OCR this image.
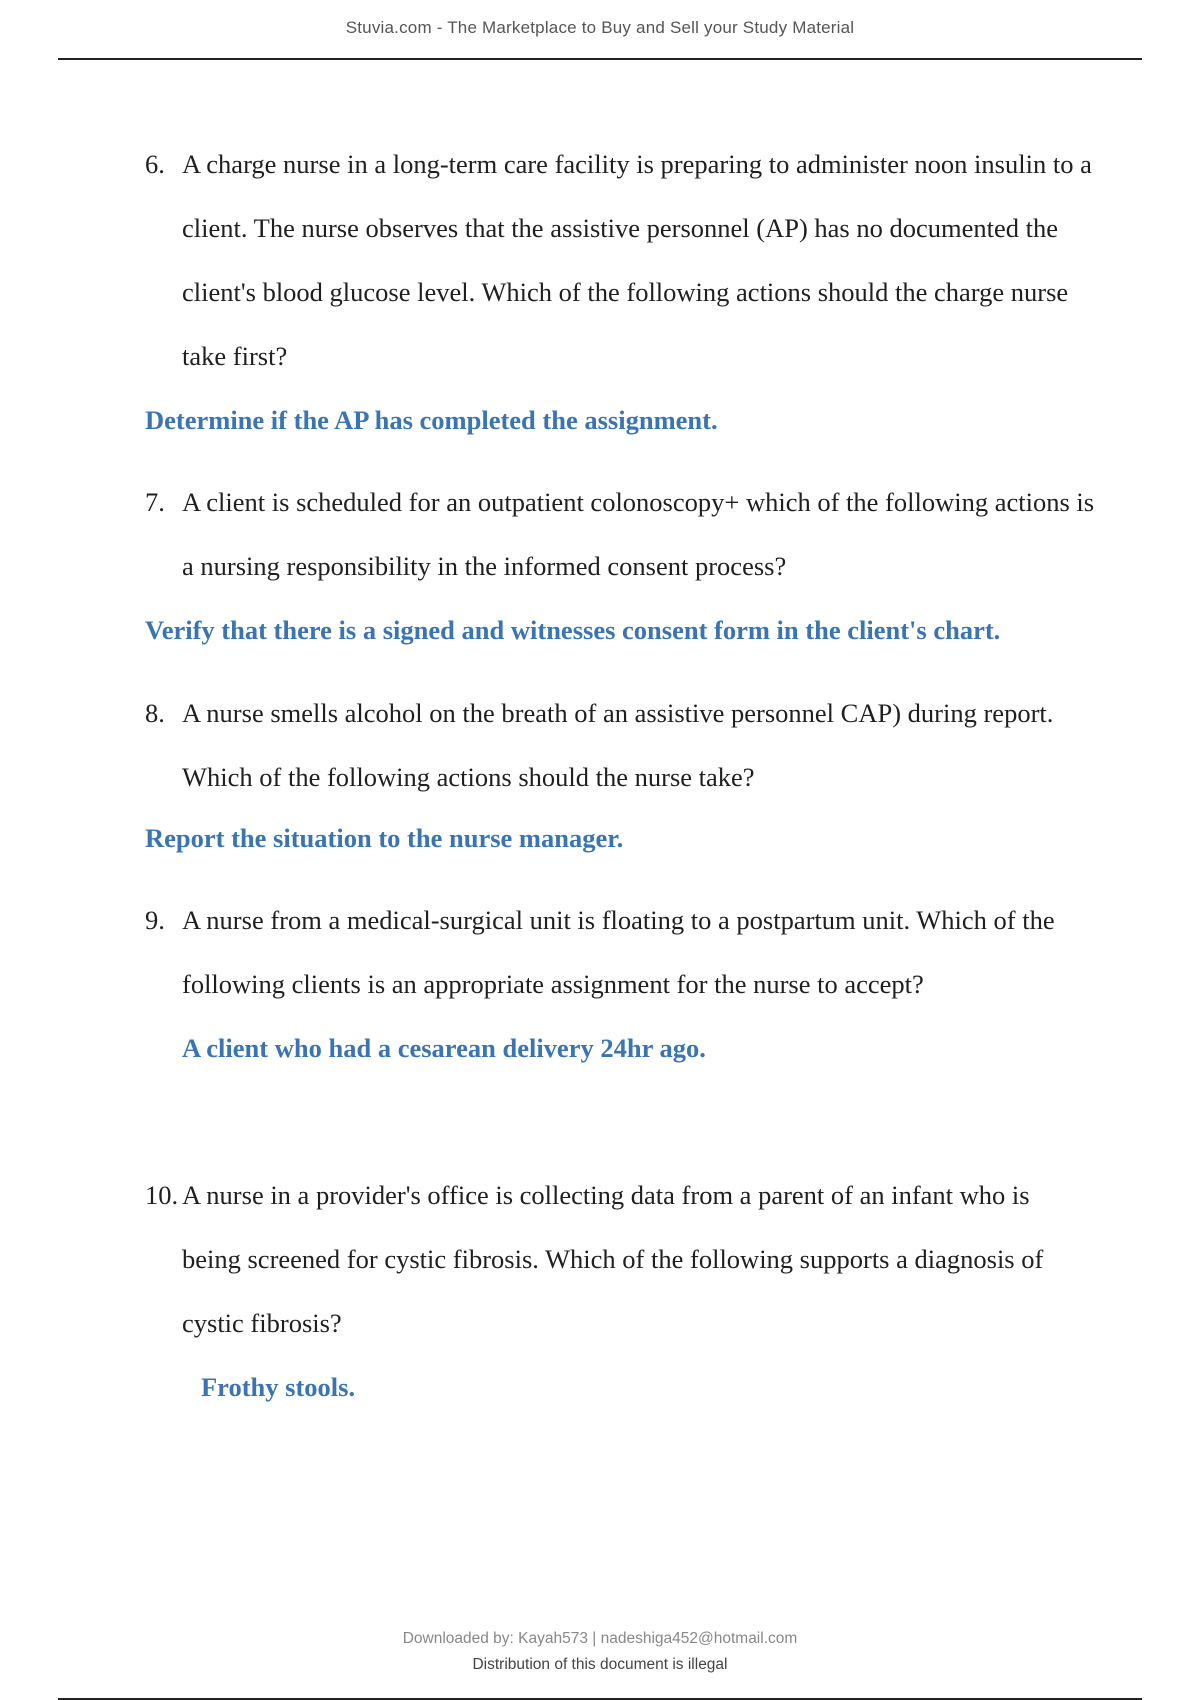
Stuvia.com - The Marketplace to Buy and Sell your Study Material
6. A charge nurse in a long-term care facility is preparing to administer noon insulin to a client. The nurse observes that the assistive personnel (AP) has no documented the client's blood glucose level. Which of the following actions should the charge nurse take first?
Determine if the AP has completed the assignment.
7. A client is scheduled for an outpatient colonoscopy+ which of the following actions is a nursing responsibility in the informed consent process?
Verify that there is a signed and witnesses consent form in the client's chart.
8. A nurse smells alcohol on the breath of an assistive personnel CAP) during report. Which of the following actions should the nurse take?
Report the situation to the nurse manager.
9. A nurse from a medical-surgical unit is floating to a postpartum unit. Which of the following clients is an appropriate assignment for the nurse to accept?
A client who had a cesarean delivery 24hr ago.
10. A nurse in a provider's office is collecting data from a parent of an infant who is being screened for cystic fibrosis. Which of the following supports a diagnosis of cystic fibrosis?
Frothy stools.
Downloaded by: Kayah573 | nadeshiga452@hotmail.com
Distribution of this document is illegal
